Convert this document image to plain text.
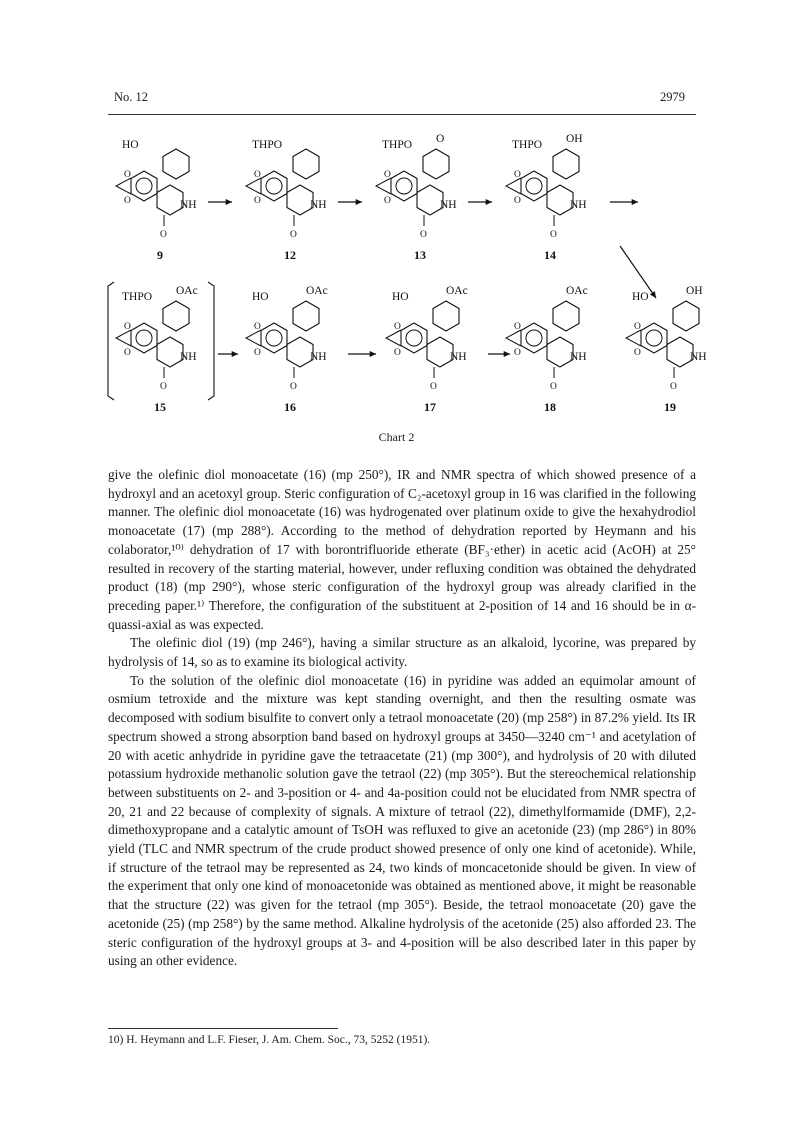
No. 12	2979
O
O	NH
O
HO
9
O
O	NH
O
THPO
12
O
O	NH
O
THPO O
13
O
O	NH
O
THPO OH
14
O
O	NH
O
THPO OAc
15
O
O	NH
O
HO	OAc
16
O
O	NH
O
HO	OAc
17
O
O	NH
O
OAc
18
O
O	NH
O
HO	OH
19
Chart 2

give the olefinic diol monoacetate (16) (mp 250°), IR and NMR spectra of which showed presence of a hydroxyl and an acetoxyl group. Steric configuration of C₂-acetoxyl group in 16 was clarified in the following manner. The olefinic diol monoacetate (16) was hydrogenated over platinum oxide to give the hexahydrodiol monoacetate (17) (mp 288°). According to the method of dehydration reported by Heymann and his colaborator,¹⁰⁾ dehydration of 17 with borontrifluoride etherate (BF₃·ether) in acetic acid (AcOH) at 25° resulted in recovery of the starting material, however, under refluxing condition was obtained the dehydrated product (18) (mp 290°), whose steric configuration of the hydroxyl group was already clarified in the preceding paper.¹⁾ Therefore, the configuration of the substituent at 2-position of 14 and 16 should be in α-quassi-axial as was expected.

The olefinic diol (19) (mp 246°), having a similar structure as an alkaloid, lycorine, was prepared by hydrolysis of 14, so as to examine its biological activity.

To the solution of the olefinic diol monoacetate (16) in pyridine was added an equimolar amount of osmium tetroxide and the mixture was kept standing overnight, and then the resulting osmate was decomposed with sodium bisulfite to convert only a tetraol monoacetate (20) (mp 258°) in 87.2% yield. Its IR spectrum showed a strong absorption band based on hydroxyl groups at 3450—3240 cm⁻¹ and acetylation of 20 with acetic anhydride in pyridine gave the tetraacetate (21) (mp 300°), and hydrolysis of 20 with diluted potassium hydroxide methanolic solution gave the tetraol (22) (mp 305°). But the stereochemical relationship between substituents on 2- and 3-position or 4- and 4a-position could not be elucidated from NMR spectra of 20, 21 and 22 because of complexity of signals. A mixture of tetraol (22), dimethylformamide (DMF), 2,2-dimethoxypropane and a catalytic amount of TsOH was refluxed to give an acetonide (23) (mp 286°) in 80% yield (TLC and NMR spectrum of the crude product showed presence of only one kind of acetonide). While, if structure of the tetraol may be represented as 24, two kinds of moncacetonide should be given. In view of the experiment that only one kind of monoacetonide was obtained as mentioned above, it might be reasonable that the structure (22) was given for the tetraol (mp 305°). Beside, the tetraol monoacetate (20) gave the acetonide (25) (mp 258°) by the same method. Alkaline hydrolysis of the acetonide (25) also afforded 23. The steric configuration of the hydroxyl groups at 3- and 4-position will be also described later in this paper by using an other evidence.

10) H. Heymann and L.F. Fieser, J. Am. Chem. Soc., 73, 5252 (1951).
